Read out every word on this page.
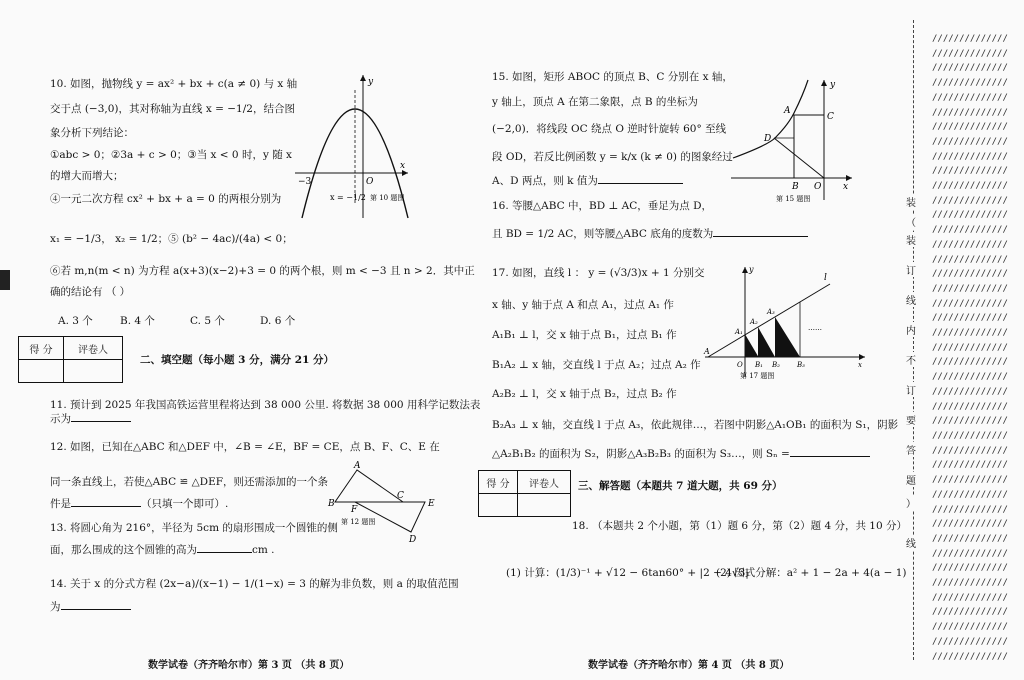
10. 如图，抛物线 y = ax² + bx + c(a ≠ 0) 与 x 轴
交于点 (−3,0)，其对称轴为直线 x = −1/2，结合图
象分析下列结论：
①abc > 0；②3a + c > 0；③当 x < 0 时，y 随 x
的增大而增大；
④一元二次方程 cx² + bx + a = 0 的两根分别为
x₁ = −1/3， x₂ = 1/2；⑤ (b² − 4ac)/(4a) < 0；
⑥若 m,n(m < n) 为方程 a(x+3)(x−2)+3 = 0 的两个根，则 m < −3 且 n > 2．其中正
确的结论有 （ ）
A. 3 个	B. 4 个	C. 5 个	D. 6 个
y
x
O
−3
x = −1/2 第 10 题图
得 分	评卷人

二、填空题（每小题 3 分，满分 21 分）
11. 预计到 2025 年我国高铁运营里程将达到 38 000 公里. 将数据 38 000 用科学记数法表
示为
12. 如图，已知在△ABC 和△DEF 中，∠B = ∠E，BF = CE，点 B、F、C、E 在
同一条直线上，若使△ABC ≌ △DEF，则还需添加的一个条
件是	（只填一个即可）.
A
B
F
C
E
D
第 12 题图
13. 将圆心角为 216°，半径为 5cm 的扇形围成一个圆锥的侧
面，那么围成的这个圆锥的高为	cm .
14. 关于 x 的分式方程 (2x−a)/(x−1) − 1/(1−x) = 3 的解为非负数，则 a 的取值范围
为
数学试卷（齐齐哈尔市）第 3 页 （共 8 页）
15. 如图，矩形 ABOC 的顶点 B、C 分别在 x 轴，
y 轴上，顶点 A 在第二象限，点 B 的坐标为
(−2,0)．将线段 OC 绕点 O 逆时针旋转 60° 至线
段 OD，若反比例函数 y = k/x (k ≠ 0) 的图象经过
A、D 两点，则 k 值为
y
A
C
D
B O x
第 15 题图
16. 等腰△ABC 中，BD ⊥ AC，垂足为点 D，
且 BD = 1/2 AC，则等腰△ABC 底角的度数为
17. 如图，直线 l ： y = (√3/3)x + 1 分别交
x 轴、y 轴于点 A 和点 A₁，过点 A₁ 作
A₁B₁ ⊥ l，交 x 轴于点 B₁，过点 B₁ 作
B₁A₂ ⊥ x 轴，交直线 l 于点 A₂；过点 A₂ 作
A₂B₂ ⊥ l，交 x 轴于点 B₂，过点 B₂ 作
B₂A₃ ⊥ x 轴，交直线 l 于点 A₃，依此规律…，若图中阴影△A₁OB₁ 的面积为 S₁，阴影
△A₂B₁B₂ 的面积为 S₂，阴影△A₃B₂B₃ 的面积为 S₃…，则 Sₙ =
y
l
A
A₁
A₂
A₃
O B₁ B₂ B₃	x
……
第 17 题图
得 分	评卷人
	三、解答题（本题共 7 道大题，共 69 分）
18. （本题共 2 个小题，第（1）题 6 分，第（2）题 4 分，共 10 分）
(1) 计算：(1/3)⁻¹ + √12 − 6tan60° + |2 − 4√3|
(2) 因式分解：a² + 1 − 2a + 4(a − 1)
数学试卷（齐齐哈尔市）第 4 页 （共 8 页）
装
（
装
订
线
内
不
订
要
答
题
）
线
//////////////
//////////////
//////////////
//////////////
//////////////
//////////////
//////////////
//////////////
//////////////
//////////////
//////////////
//////////////
//////////////
//////////////
//////////////
//////////////
//////////////
//////////////
//////////////
//////////////
//////////////
//////////////
//////////////
//////////////
//////////////
//////////////
//////////////
//////////////
//////////////
//////////////
//////////////
//////////////
//////////////
//////////////
//////////////
//////////////
//////////////
//////////////
//////////////
//////////////
//////////////
//////////////
//////////////
